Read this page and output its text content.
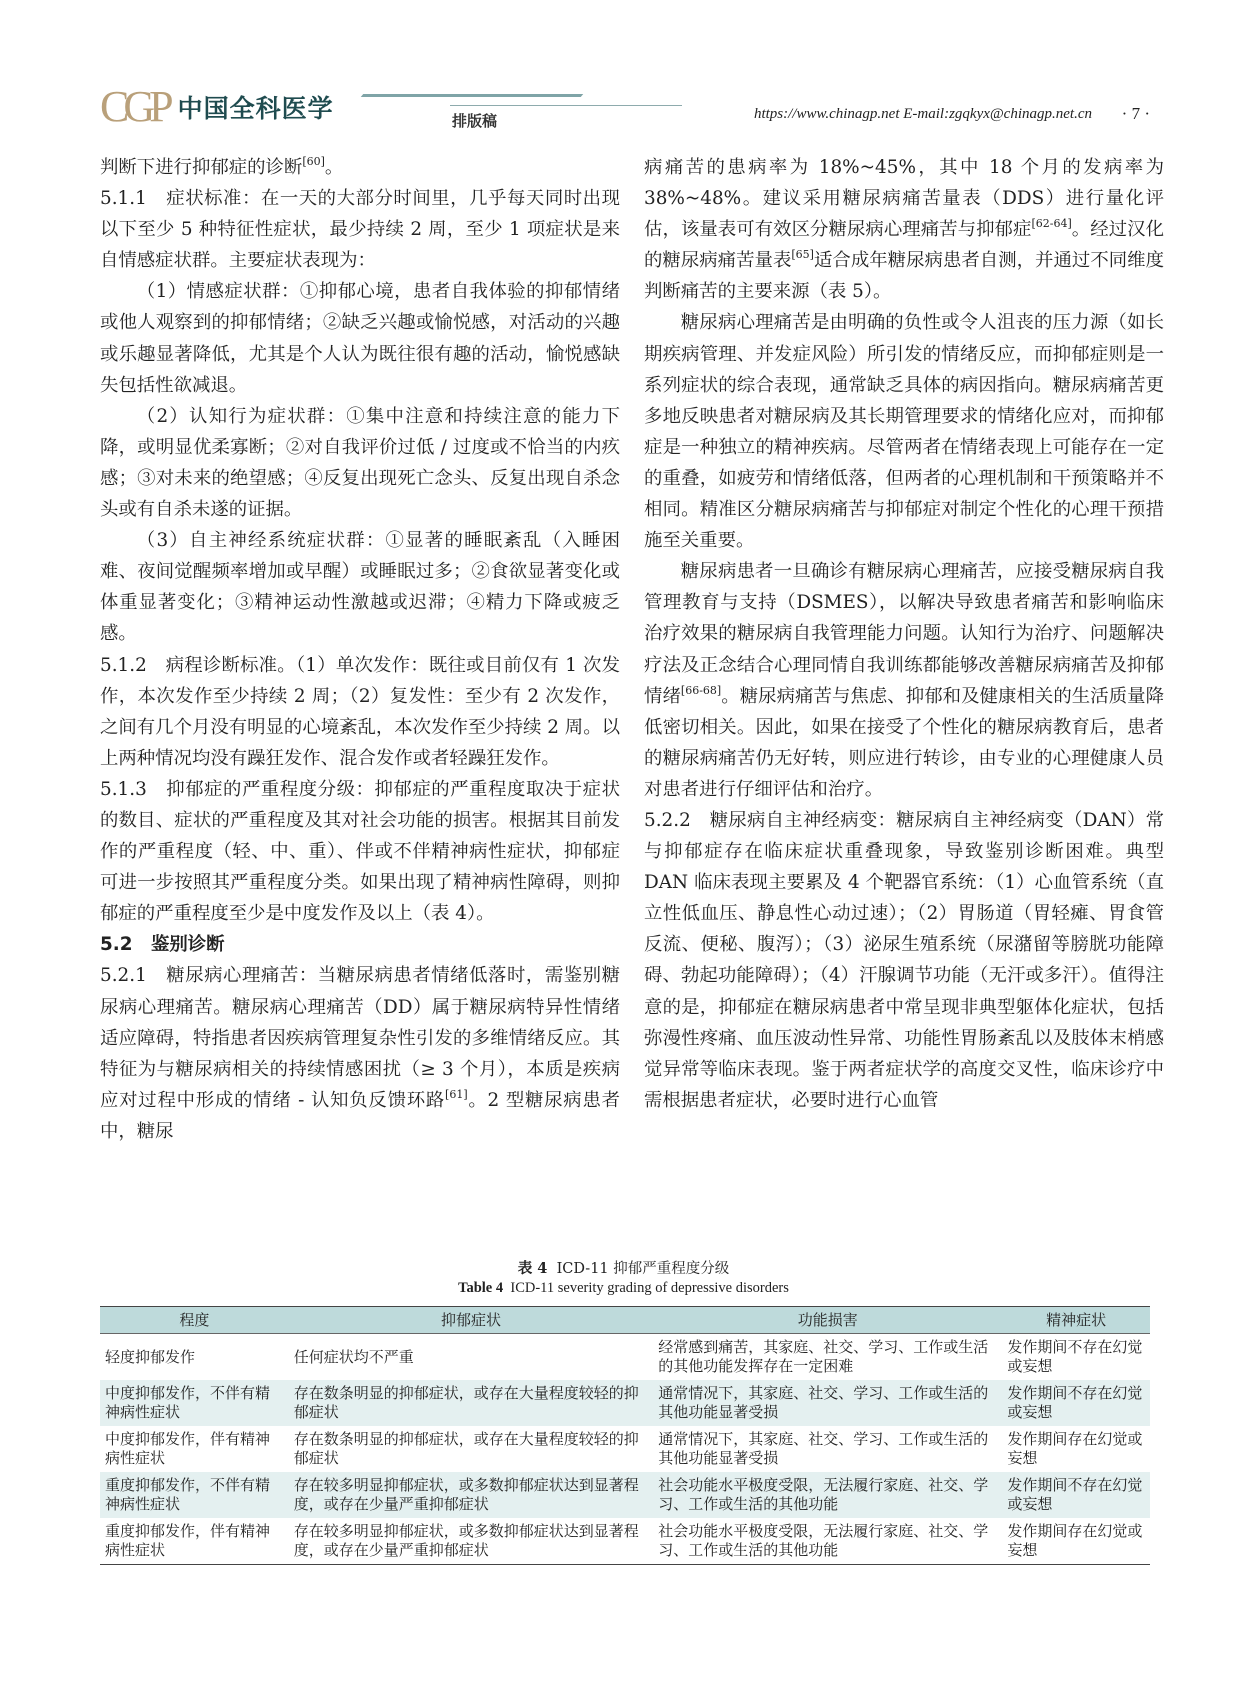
CGP 中国全科医学	排版稿	https://www.chinagp.net E-mail:zgqkyx@chinagp.net.cn · 7 ·

判断下进行抑郁症的诊断[60]。

5.1.1　症状标准：在一天的大部分时间里，几乎每天同时出现以下至少 5 种特征性症状，最少持续 2 周，至少 1 项症状是来自情感症状群。主要症状表现为：

（1）情感症状群：①抑郁心境，患者自我体验的抑郁情绪或他人观察到的抑郁情绪；②缺乏兴趣或愉悦感，对活动的兴趣或乐趣显著降低，尤其是个人认为既往很有趣的活动，愉悦感缺失包括性欲减退。

（2）认知行为症状群：①集中注意和持续注意的能力下降，或明显优柔寡断；②对自我评价过低 / 过度或不恰当的内疚感；③对未来的绝望感；④反复出现死亡念头、反复出现自杀念头或有自杀未遂的证据。

（3）自主神经系统症状群：①显著的睡眠紊乱（入睡困难、夜间觉醒频率增加或早醒）或睡眠过多；②食欲显著变化或体重显著变化；③精神运动性激越或迟滞；④精力下降或疲乏感。

5.1.2　病程诊断标准。（1）单次发作：既往或目前仅有 1 次发作，本次发作至少持续 2 周；（2）复发性：至少有 2 次发作，之间有几个月没有明显的心境紊乱，本次发作至少持续 2 周。以上两种情况均没有躁狂发作、混合发作或者轻躁狂发作。

5.1.3　抑郁症的严重程度分级：抑郁症的严重程度取决于症状的数目、症状的严重程度及其对社会功能的损害。根据其目前发作的严重程度（轻、中、重）、伴或不伴精神病性症状，抑郁症可进一步按照其严重程度分类。如果出现了精神病性障碍，则抑郁症的严重程度至少是中度发作及以上（表 4）。

5.2　鉴别诊断

5.2.1　糖尿病心理痛苦：当糖尿病患者情绪低落时，需鉴别糖尿病心理痛苦。糖尿病心理痛苦（DD）属于糖尿病特异性情绪适应障碍，特指患者因疾病管理复杂性引发的多维情绪反应。其特征为与糖尿病相关的持续情感困扰（≥ 3 个月），本质是疾病应对过程中形成的情绪 - 认知负反馈环路[61]。2 型糖尿病患者中，糖尿

病痛苦的患病率为 18%~45%，其中 18 个月的发病率为 38%~48%。建议采用糖尿病痛苦量表（DDS）进行量化评估，该量表可有效区分糖尿病心理痛苦与抑郁症[62-64]。经过汉化的糖尿病痛苦量表[65]适合成年糖尿病患者自测，并通过不同维度判断痛苦的主要来源（表 5）。

糖尿病心理痛苦是由明确的负性或令人沮丧的压力源（如长期疾病管理、并发症风险）所引发的情绪反应，而抑郁症则是一系列症状的综合表现，通常缺乏具体的病因指向。糖尿病痛苦更多地反映患者对糖尿病及其长期管理要求的情绪化应对，而抑郁症是一种独立的精神疾病。尽管两者在情绪表现上可能存在一定的重叠，如疲劳和情绪低落，但两者的心理机制和干预策略并不相同。精准区分糖尿病痛苦与抑郁症对制定个性化的心理干预措施至关重要。

糖尿病患者一旦确诊有糖尿病心理痛苦，应接受糖尿病自我管理教育与支持（DSMES），以解决导致患者痛苦和影响临床治疗效果的糖尿病自我管理能力问题。认知行为治疗、问题解决疗法及正念结合心理同情自我训练都能够改善糖尿病痛苦及抑郁情绪[66-68]。糖尿病痛苦与焦虑、抑郁和及健康相关的生活质量降低密切相关。因此，如果在接受了个性化的糖尿病教育后，患者的糖尿病痛苦仍无好转，则应进行转诊，由专业的心理健康人员对患者进行仔细评估和治疗。

5.2.2　糖尿病自主神经病变：糖尿病自主神经病变（DAN）常与抑郁症存在临床症状重叠现象，导致鉴别诊断困难。典型 DAN 临床表现主要累及 4 个靶器官系统：（1）心血管系统（直立性低血压、静息性心动过速）；（2）胃肠道（胃轻瘫、胃食管反流、便秘、腹泻）；（3）泌尿生殖系统（尿潴留等膀胱功能障碍、勃起功能障碍）；（4）汗腺调节功能（无汗或多汗）。值得注意的是，抑郁症在糖尿病患者中常呈现非典型躯体化症状，包括弥漫性疼痛、血压波动性异常、功能性胃肠紊乱以及肢体末梢感觉异常等临床表现。鉴于两者症状学的高度交叉性，临床诊疗中需根据患者症状，必要时进行心血管

表 4 ICD-11 抑郁严重程度分级
Table 4 ICD-11 severity grading of depressive disorders
程度	抑郁症状	功能损害	精神症状
轻度抑郁发作	任何症状均不严重	经常感到痛苦，其家庭、社交、学习、工作或生活的其他功能发挥存在一定困难	发作期间不存在幻觉或妄想
中度抑郁发作，不伴有精神病性症状	存在数条明显的抑郁症状，或存在大量程度较轻的抑郁症状	通常情况下，其家庭、社交、学习、工作或生活的其他功能显著受损	发作期间不存在幻觉或妄想
中度抑郁发作，伴有精神病性症状	存在数条明显的抑郁症状，或存在大量程度较轻的抑郁症状	通常情况下，其家庭、社交、学习、工作或生活的其他功能显著受损	发作期间存在幻觉或妄想
重度抑郁发作，不伴有精神病性症状	存在较多明显抑郁症状，或多数抑郁症状达到显著程度，或存在少量严重抑郁症状	社会功能水平极度受限，无法履行家庭、社交、学习、工作或生活的其他功能	发作期间不存在幻觉或妄想
重度抑郁发作，伴有精神病性症状	存在较多明显抑郁症状，或多数抑郁症状达到显著程度，或存在少量严重抑郁症状	社会功能水平极度受限，无法履行家庭、社交、学习、工作或生活的其他功能	发作期间存在幻觉或妄想
